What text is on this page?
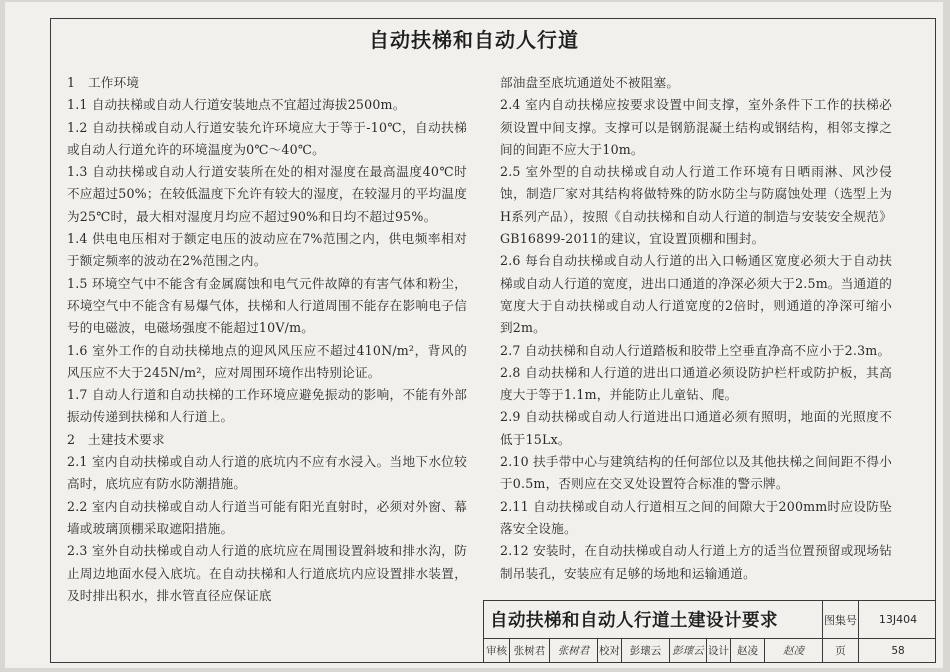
自动扶梯和自动人行道

1　工作环境

1.1 自动扶梯或自动人行道安装地点不宜超过海拔2500m。

1.2 自动扶梯或自动人行道安装允许环境应大于等于-10℃，自动扶梯或自动人行道允许的环境温度为0℃～40℃。

1.3 自动扶梯或自动人行道安装所在处的相对湿度在最高温度40℃时不应超过50%；在较低温度下允许有较大的湿度，在较湿月的平均温度为25℃时，最大相对湿度月均应不超过90%和日均不超过95%。

1.4 供电电压相对于额定电压的波动应在7%范围之内，供电频率相对于额定频率的波动在2%范围之内。

1.5 环境空气中不能含有金属腐蚀和电气元件故障的有害气体和粉尘，环境空气中不能含有易爆气体，扶梯和人行道周围不能存在影响电子信号的电磁波，电磁场强度不能超过10V/m。

1.6 室外工作的自动扶梯地点的迎风风压应不超过410N/m²，背风的风压应不大于245N/m²，应对周围环境作出特别论证。

1.7 自动人行道和自动扶梯的工作环境应避免振动的影响，不能有外部振动传递到扶梯和人行道上。

2　土建技术要求

2.1 室内自动扶梯或自动人行道的底坑内不应有水浸入。当地下水位较高时，底坑应有防水防潮措施。

2.2 室内自动扶梯或自动人行道当可能有阳光直射时，必须对外窗、幕墙或玻璃顶棚采取遮阳措施。

2.3 室外自动扶梯或自动人行道的底坑应在周围设置斜坡和排水沟，防止周边地面水侵入底坑。在自动扶梯和人行道底坑内应设置排水装置，及时排出积水，排水管直径应保证底

部油盘至底坑通道处不被阻塞。

2.4 室内自动扶梯应按要求设置中间支撑，室外条件下工作的扶梯必须设置中间支撑。支撑可以是钢筋混凝土结构或钢结构，相邻支撑之间的间距不应大于10m。

2.5 室外型的自动扶梯或自动人行道工作环境有日晒雨淋、风沙侵蚀，制造厂家对其结构将做特殊的防水防尘与防腐蚀处理（选型上为H系列产品），按照《自动扶梯和自动人行道的制造与安装安全规范》GB16899-2011的建议，宜设置顶棚和围封。

2.6 每台自动扶梯或自动人行道的出入口畅通区宽度必须大于自动扶梯或自动人行道的宽度，进出口通道的净深必须大于2.5m。当通道的宽度大于自动扶梯或自动人行道宽度的2倍时，则通道的净深可缩小到2m。

2.7 自动扶梯和自动人行道踏板和胶带上空垂直净高不应小于2.3m。

2.8 自动扶梯和人行道的进出口通道必须设防护栏杆或防护板，其高度大于等于1.1m，并能防止儿童钻、爬。

2.9 自动扶梯或自动人行道进出口通道必须有照明，地面的光照度不低于15Lx。

2.10 扶手带中心与建筑结构的任何部位以及其他扶梯之间间距不得小于0.5m，否则应在交叉处设置符合标准的警示牌。

2.11 自动扶梯或自动人行道相互之间的间隙大于200mm时应设防坠落安全设施。

2.12 安装时，在自动扶梯或自动人行道上方的适当位置预留或现场钻制吊装孔，安装应有足够的场地和运输通道。

自动扶梯和自动人行道土建设计要求	图集号	13J404
审核 张树君	张树君 校对 彭瓌云	彭瓌云 设计 赵凌	赵凌	页	58
